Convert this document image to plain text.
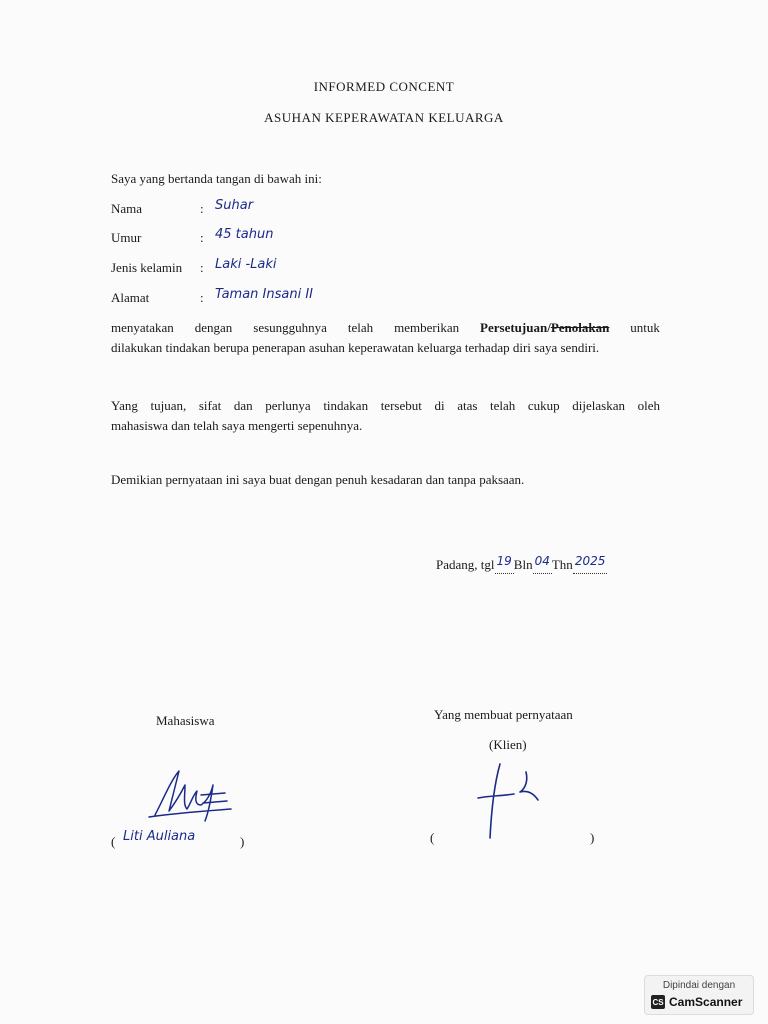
INFORMED CONCENT
ASUHAN KEPERAWATAN KELUARGA
Saya yang bertanda tangan di bawah ini:
Nama	: Suhar
Umur	: 45 tahun
Jenis kelamin : Laki -Laki
Alamat	: Taman Insani II
menyatakan dengan sesungguhnya telah memberikan Persetujuan/Penolakan untuk
dilakukan tindakan berupa penerapan asuhan keperawatan keluarga terhadap diri saya sendiri.
Yang tujuan, sifat dan perlunya tindakan tersebut di atas telah cukup dijelaskan oleh
mahasiswa dan telah saya mengerti sepenuhnya.
Demikian pernyataan ini saya buat dengan penuh kesadaran dan tanpa paksaan.
Padang, tgl 19 Bln 04 Thn 2025
Mahasiswa	Yang membuat pernyataan
(Klien)
( Liti Auliana	)	(	)
Dipindai dengan
CS CamScanner
